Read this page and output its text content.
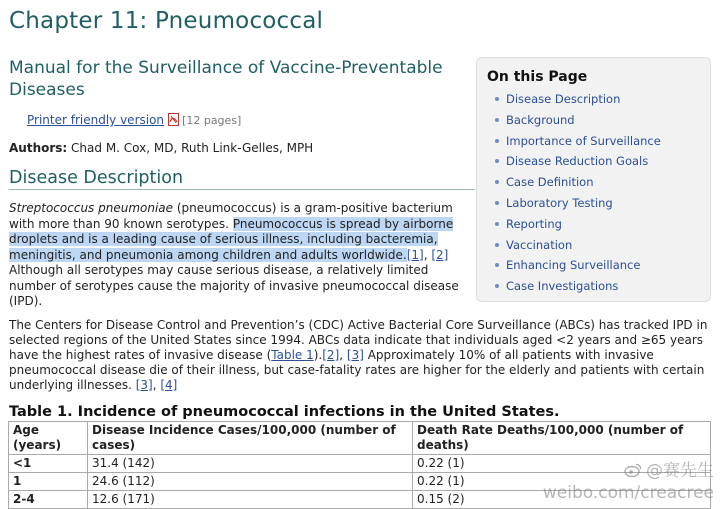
Chapter 11: Pneumococcal
Manual for the Surveillance of Vaccine-Preventable Diseases
Printer friendly version [12 pages]
Authors: Chad M. Cox, MD, Ruth Link-Gelles, MPH
Disease Description
Streptococcus pneumoniae (pneumococcus) is a gram-positive bacterium with more than 90 known serotypes. Pneumococcus is spread by airborne droplets and is a leading cause of serious illness, including bacteremia, meningitis, and pneumonia among children and adults worldwide.[1], [2]
Although all serotypes may cause serious disease, a relatively limited number of serotypes cause the majority of invasive pneumococcal disease (IPD).
The Centers for Disease Control and Prevention’s (CDC) Active Bacterial Core Surveillance (ABCs) has tracked IPD in selected regions of the United States since 1994. ABCs data indicate that individuals aged <2 years and ≥65 years have the highest rates of invasive disease (Table 1).[2], [3] Approximately 10% of all patients with invasive pneumococcal disease die of their illness, but case-fatality rates are higher for the elderly and patients with certain underlying illnesses. [3], [4]
Table 1. Incidence of pneumococcal infections in the United States.
Age (years)	Disease Incidence Cases/100,000 (number of cases)	Death Rate Deaths/100,000 (number of deaths)
<1	31.4 (142)	0.22 (1)
1	24.6 (112)	0.22 (1)
2-4	12.6 (171)	0.15 (2)
On this Page
Disease Description
Background
Importance of Surveillance
Disease Reduction Goals
Case Definition
Laboratory Testing
Reporting
Vaccination
Enhancing Surveillance
Case Investigations
@赛先生
weibo.com/creacree
